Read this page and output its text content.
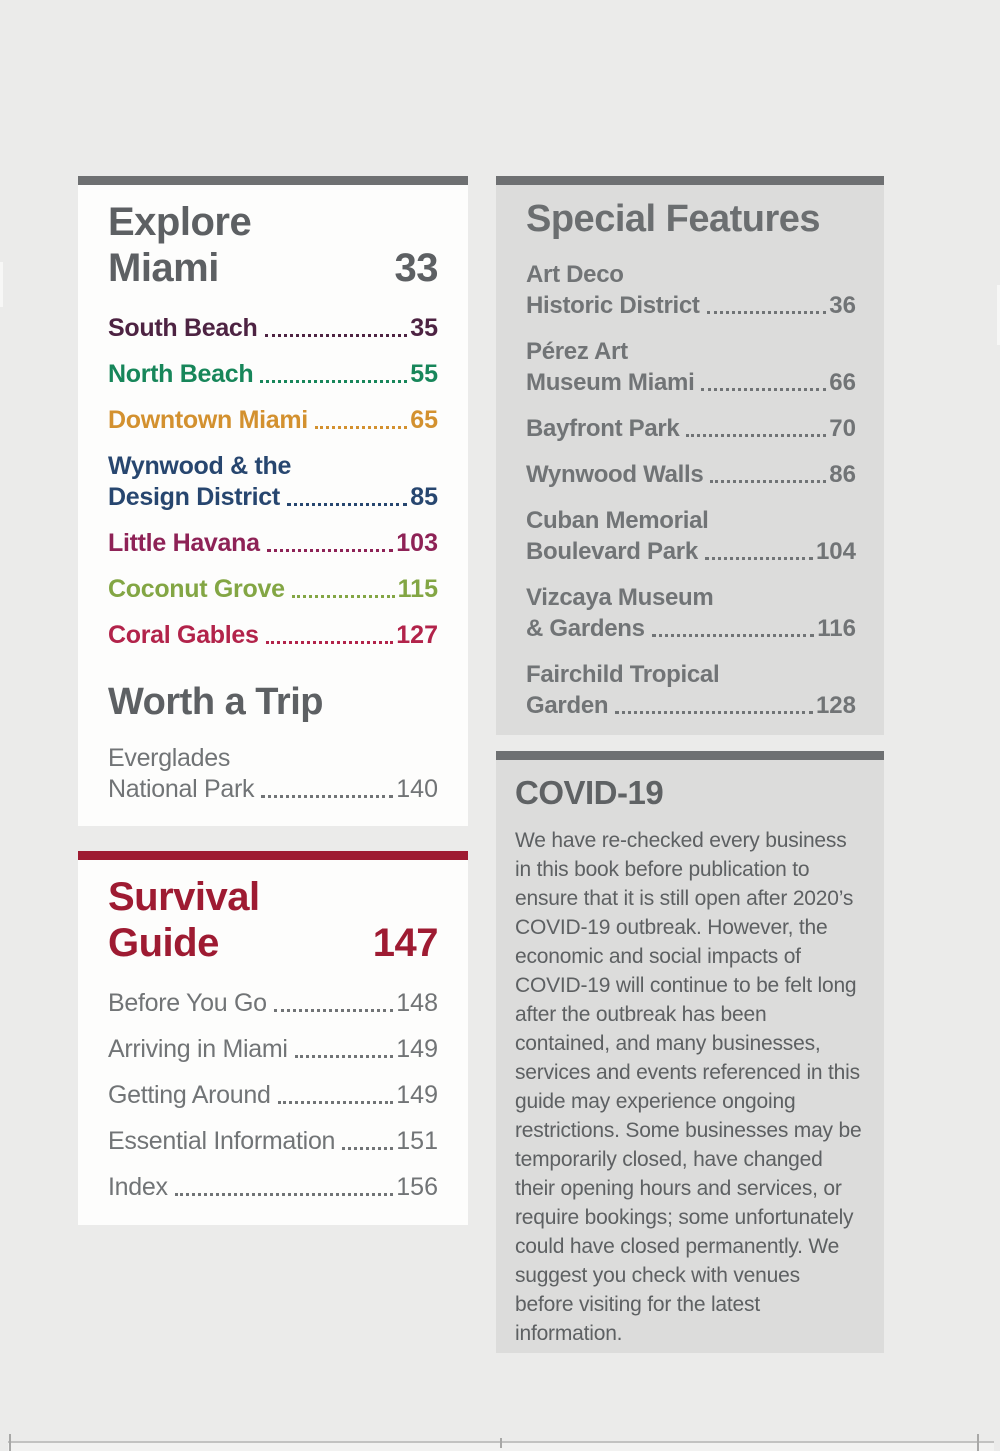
Explore
Miami	33
South Beach	35
North Beach	55
Downtown Miami	65
Wynwood & the
Design District	85
Little Havana	103
Coconut Grove	115
Coral Gables	127
Worth a Trip
Everglades
National Park	140
Survival
Guide	147
Before You Go	148
Arriving in Miami	149
Getting Around	149
Essential Information 151
Index	156
Special Features
Art Deco
Historic District	36
Pérez Art
Museum Miami	66
Bayfront Park	70
Wynwood Walls	86
Cuban Memorial
Boulevard Park	104
Vizcaya Museum
& Gardens	116
Fairchild Tropical
Garden	128
COVID-19

We have re-checked every business in this book before publication to ensure that it is still open after 2020’s COVID-19 outbreak. However, the economic and social impacts of COVID-19 will continue to be felt long after the outbreak has been contained, and many businesses, services and events referenced in this guide may experience ongoing restrictions. Some businesses may be temporarily closed, have changed their opening hours and services, or require bookings; some unfortunately could have closed permanently. We suggest you check with venues before visiting for the latest information.
